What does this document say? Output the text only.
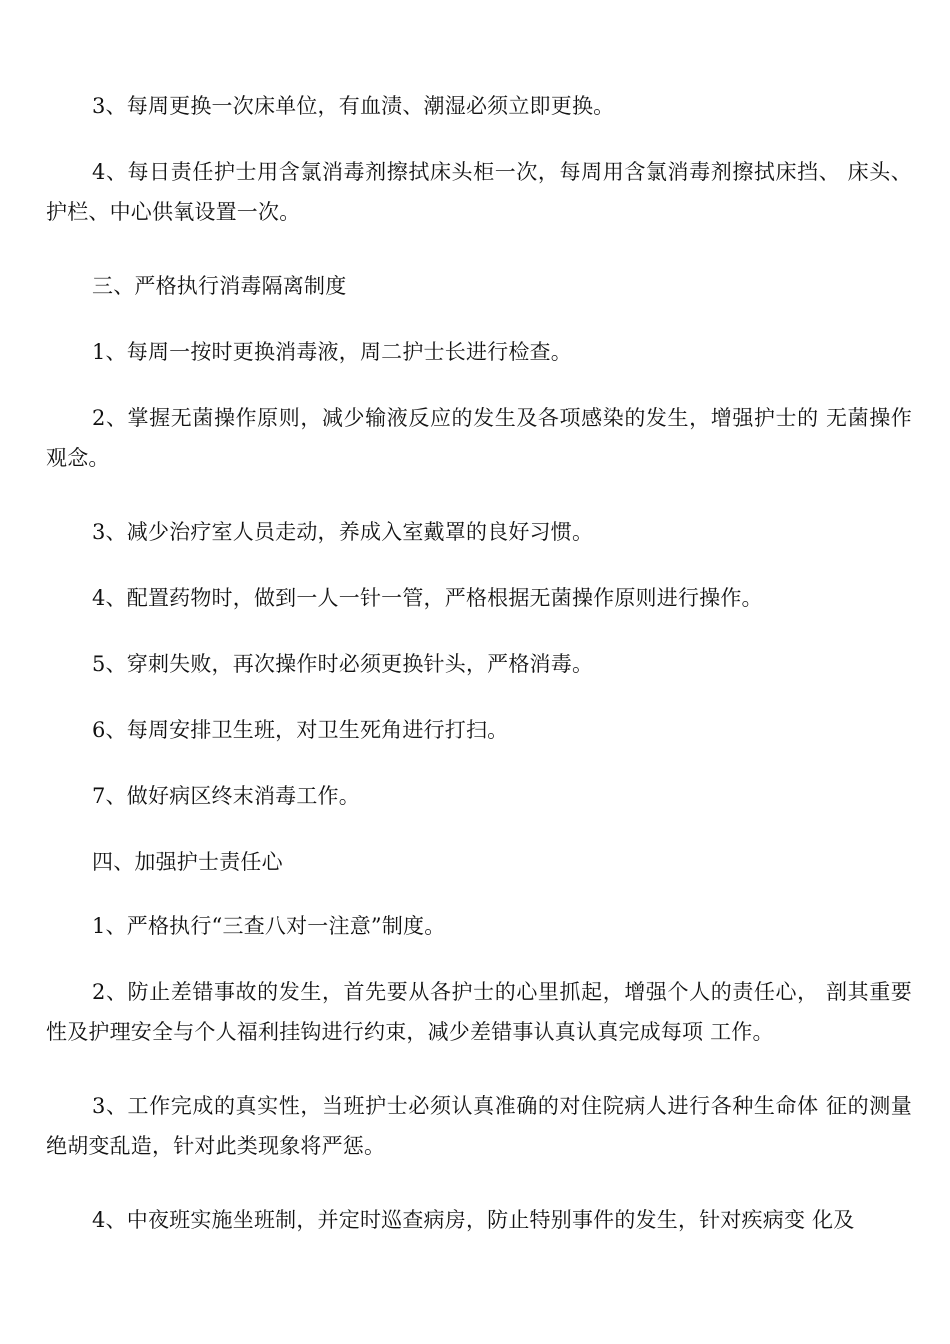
3、每周更换一次床单位，有血渍、潮湿必须立即更换。

4、每日责任护士用含氯消毒剂擦拭床头柜一次，每周用含氯消毒剂擦拭床挡、 床头、护栏、中心供氧设置一次。

三、严格执行消毒隔离制度

1、每周一按时更换消毒液，周二护士长进行检查。

2、掌握无菌操作原则，减少输液反应的发生及各项感染的发生，增强护士的 无菌操作观念。

3、减少治疗室人员走动，养成入室戴罩的良好习惯。

4、配置药物时，做到一人一针一管，严格根据无菌操作原则进行操作。

5、穿刺失败，再次操作时必须更换针头，严格消毒。

6、每周安排卫生班，对卫生死角进行打扫。

7、做好病区终末消毒工作。

四、加强护士责任心

1、严格执行“三查八对一注意”制度。

2、防止差错事故的发生，首先要从各护士的心里抓起，增强个人的责任心， 剖其重要性及护理安全与个人福利挂钩进行约束，减少差错事认真认真完成每项 工作。

3、工作完成的真实性，当班护士必须认真准确的对住院病人进行各种生命体 征的测量绝胡变乱造，针对此类现象将严惩。

4、中夜班实施坐班制，并定时巡查病房，防止特别事件的发生，针对疾病变 化及
